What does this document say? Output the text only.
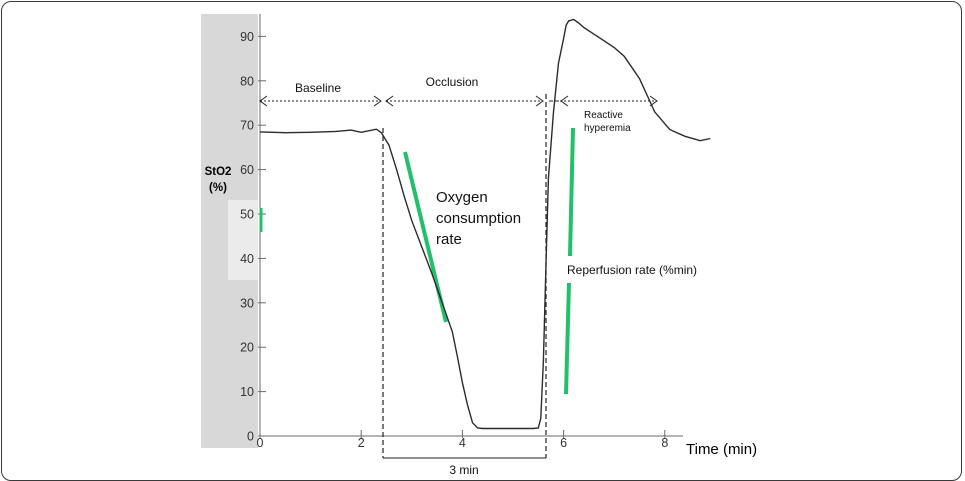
0
10
20
30
40
50
60
70
80
90
0	2	4	6	8
StO2
(%)
Time (min)
3 min
Baseline	Occlusion
Reactive
hyperemia
Oxygen
consumption
rate
Reperfusion rate (%min)
